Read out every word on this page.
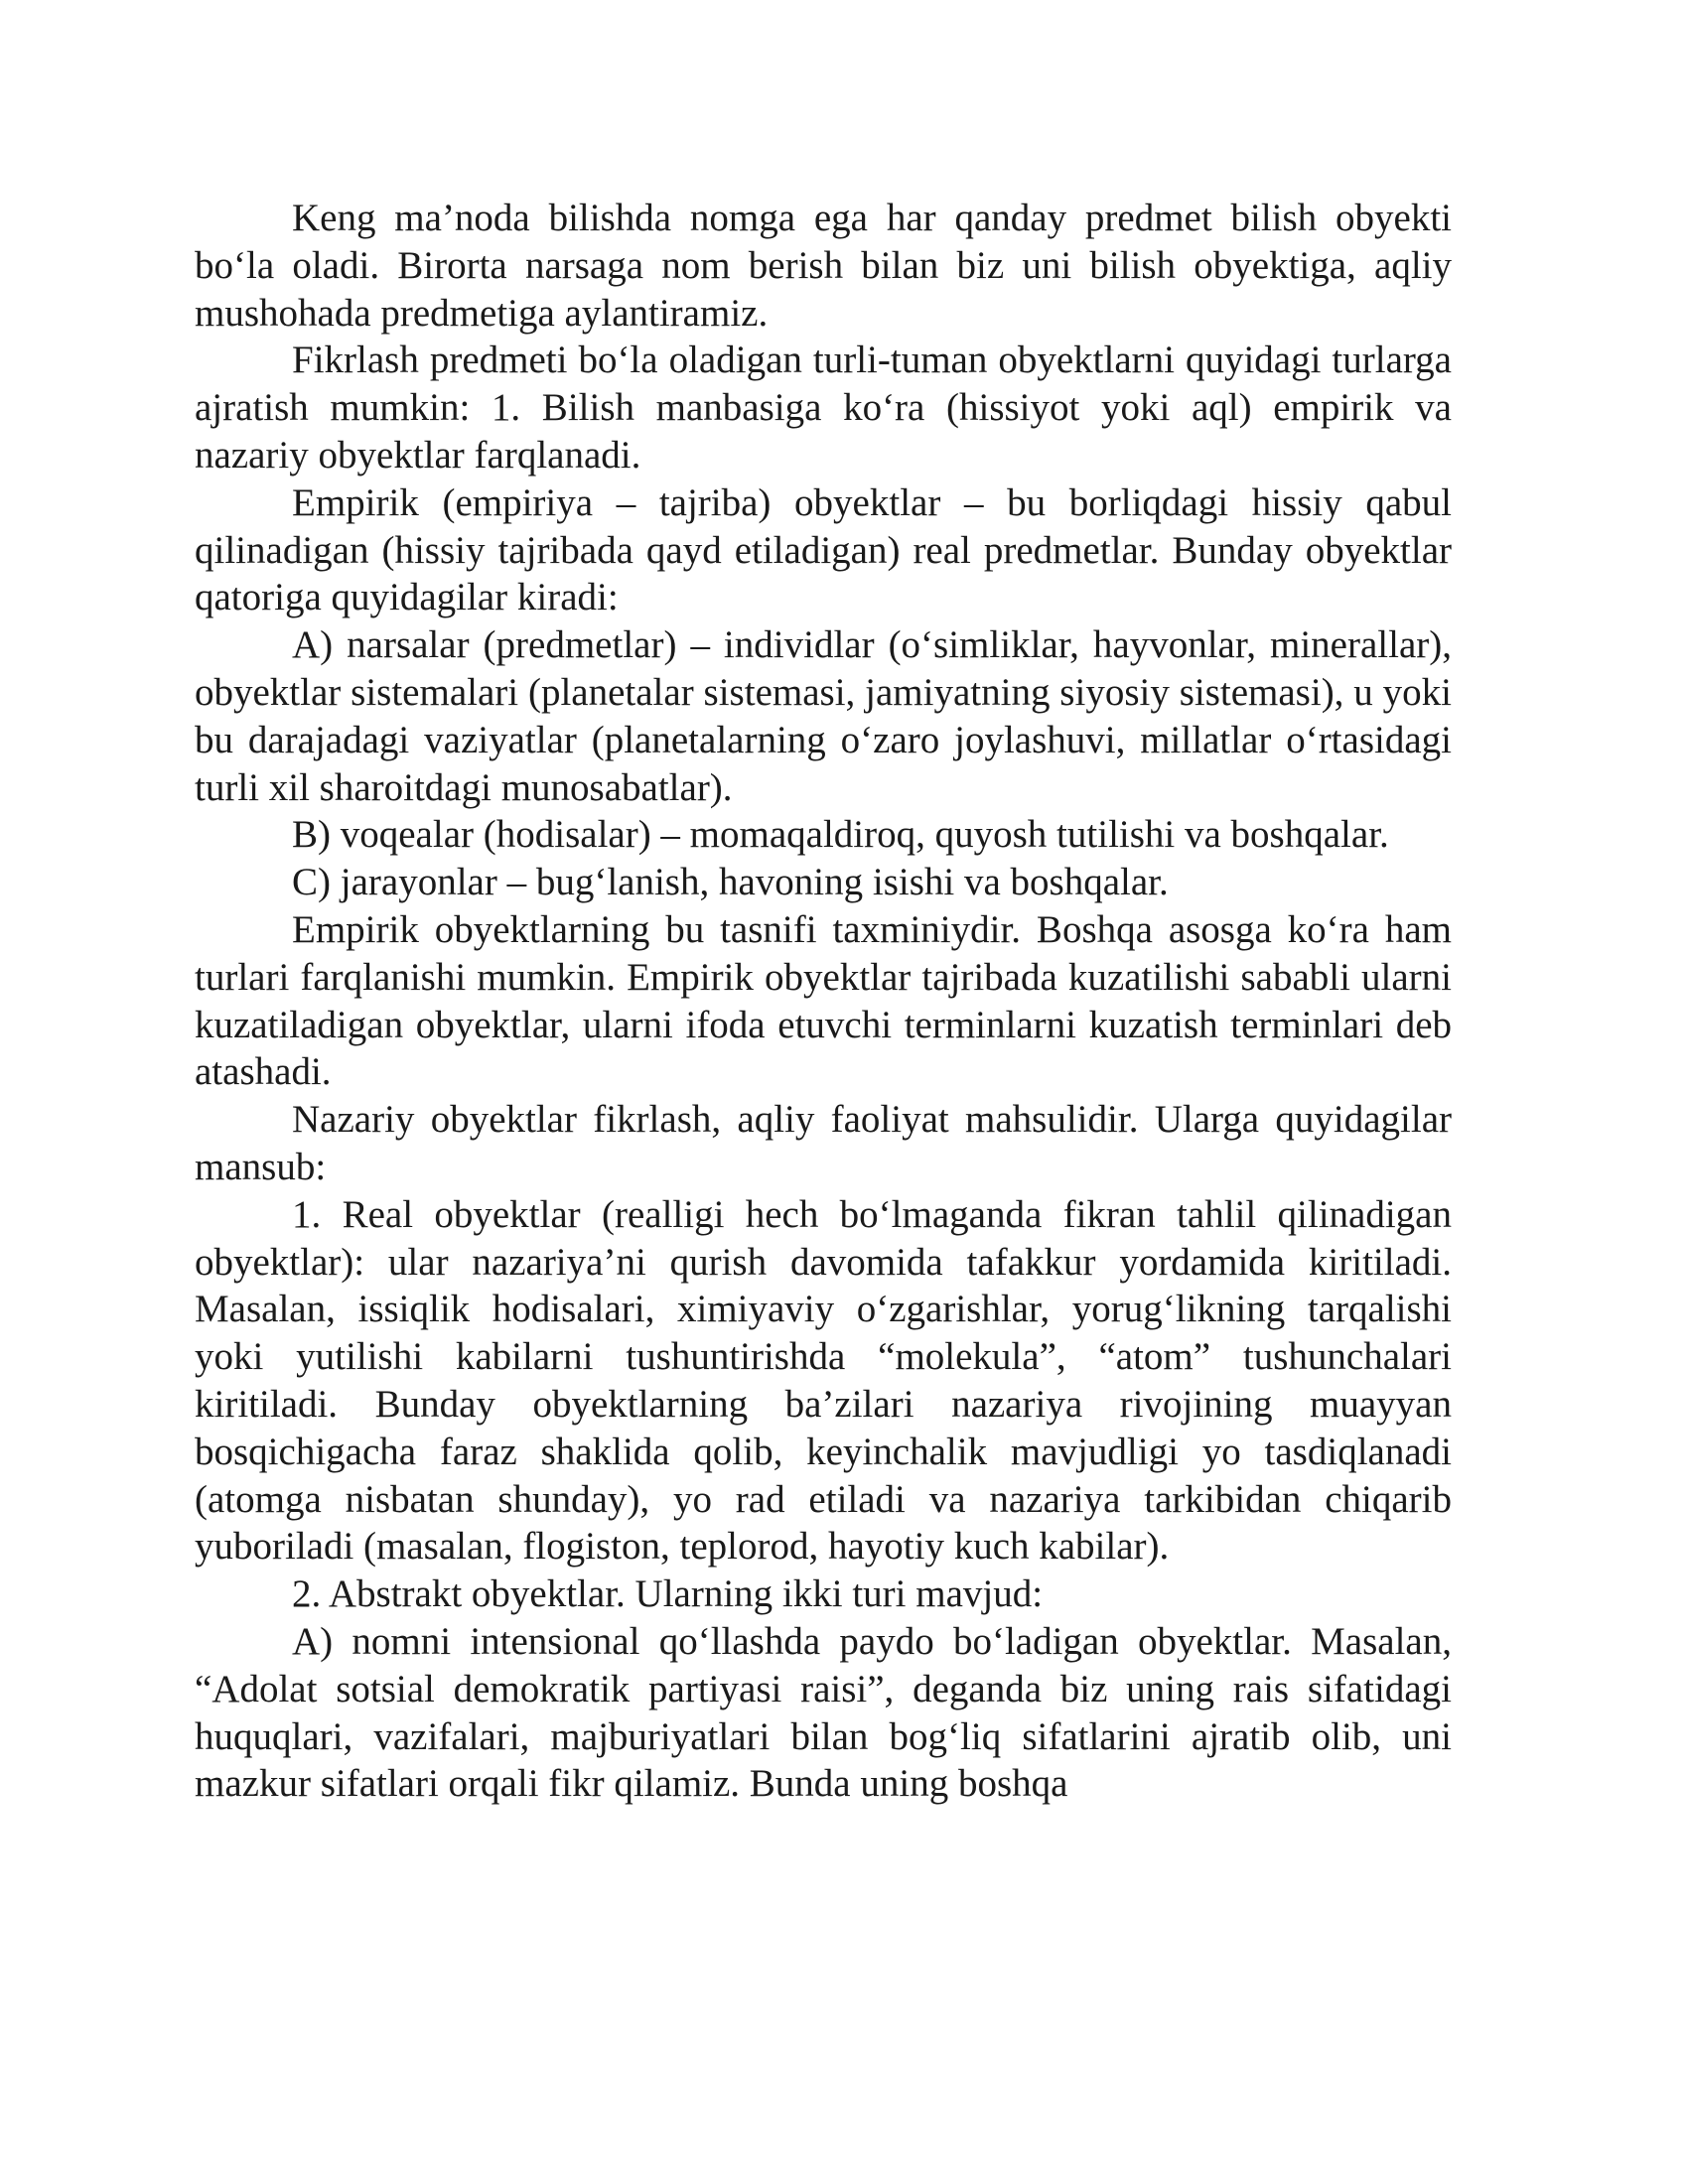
Keng ma’noda bilishda nomga ega har qanday predmet bilish obyekti bo‘la oladi. Birorta narsaga nom berish bilan biz uni bilish obyektiga, aqliy mushohada predmetiga aylantiramiz.

Fikrlash predmeti bo‘la oladigan turli-tuman obyektlarni quyidagi turlarga ajratish mumkin: 1. Bilish manbasiga ko‘ra (hissiyot yoki aql) empirik va nazariy obyektlar farqlanadi.

Empirik (empiriya – tajriba) obyektlar – bu borliqdagi hissiy qabul qilinadigan (hissiy tajribada qayd etiladigan) real predmetlar. Bunday obyektlar qatoriga quyidagilar kiradi:

A) narsalar (predmetlar) – individlar (o‘simliklar, hayvonlar, minerallar), obyektlar sistemalari (planetalar sistemasi, jamiyatning siyosiy sistemasi), u yoki bu darajadagi vaziyatlar (planetalarning o‘zaro joylashuvi, millatlar o‘rtasidagi turli xil sharoitdagi munosabatlar).

B) voqealar (hodisalar) – momaqaldiroq, quyosh tutilishi va boshqalar.

C) jarayonlar – bug‘lanish, havoning isishi va boshqalar.

Empirik obyektlarning bu tasnifi taxminiydir. Boshqa asosga ko‘ra ham turlari farqlanishi mumkin. Empirik obyektlar tajribada kuzatilishi sababli ularni kuzatiladigan obyektlar, ularni ifoda etuvchi terminlarni kuzatish terminlari deb atashadi.

Nazariy obyektlar fikrlash, aqliy faoliyat mahsulidir. Ularga quyidagilar mansub:

1. Real obyektlar (realligi hech bo‘lmaganda fikran tahlil qilinadigan obyektlar): ular nazariya’ni qurish davomida tafakkur yordamida kiritiladi. Masalan, issiqlik hodisalari, ximiyaviy o‘zgarishlar, yorug‘likning tarqalishi yoki yutilishi kabilarni tushuntirishda “molekula”, “atom” tushunchalari kiritiladi. Bunday obyektlarning ba’zilari nazariya rivojining muayyan bosqichigacha faraz shaklida qolib, keyinchalik mavjudligi yo tasdiqlanadi (atomga nisbatan shunday), yo rad etiladi va nazariya tarkibidan chiqarib yuboriladi (masalan, flogiston, teplorod, hayotiy kuch kabilar).

2. Abstrakt obyektlar. Ularning ikki turi mavjud:

A) nomni intensional qo‘llashda paydo bo‘ladigan obyektlar. Masalan, “Adolat sotsial demokratik partiyasi raisi”, deganda biz uning rais sifatidagi huquqlari, vazifalari, majburiyatlari bilan bog‘liq sifatlarini ajratib olib, uni mazkur sifatlari orqali fikr qilamiz. Bunda uning boshqa
